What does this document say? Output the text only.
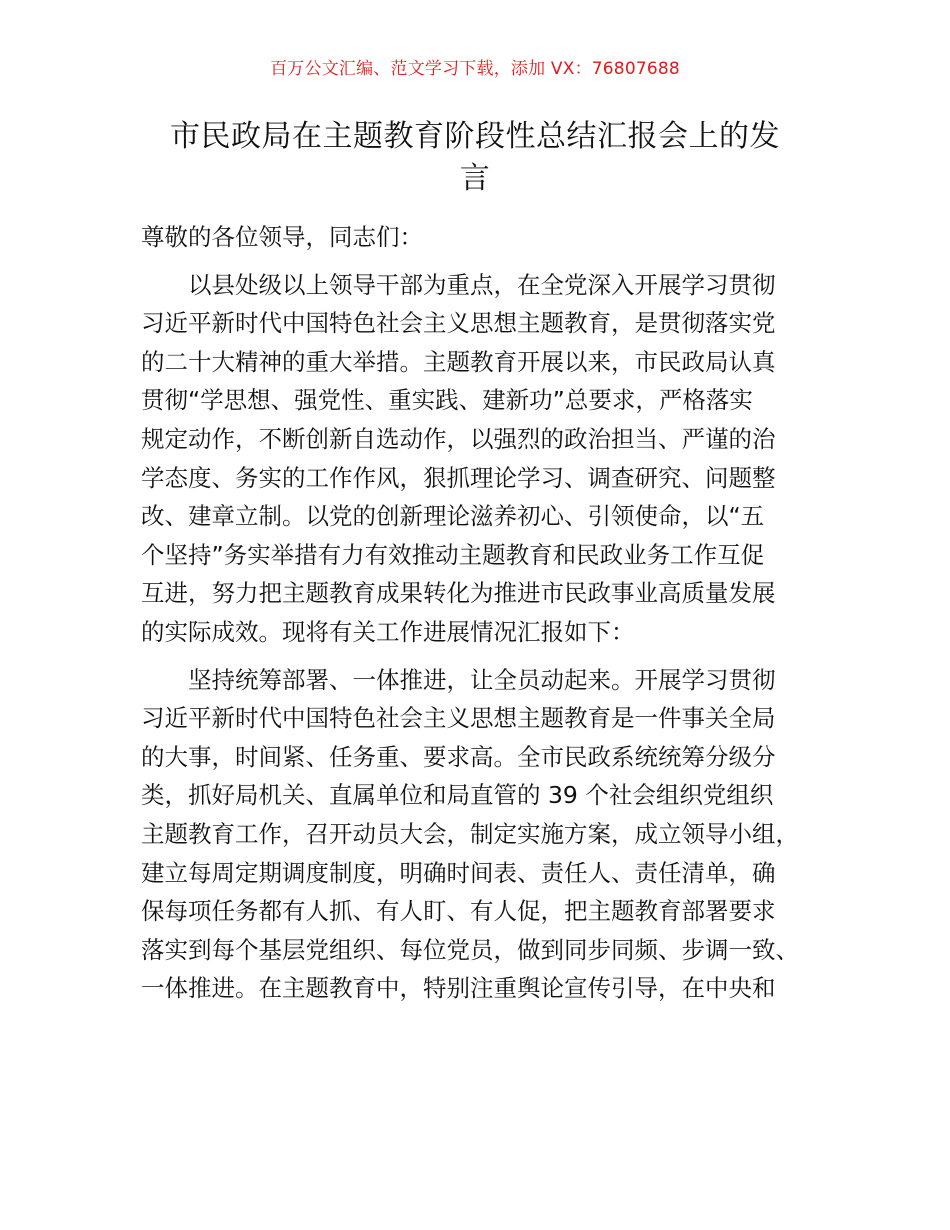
百万公文汇编、范文学习下载，添加 VX：76807688
市民政局在主题教育阶段性总结汇报会上的发
言
尊敬的各位领导，同志们：
以县处级以上领导干部为重点，在全党深入开展学习贯彻
习近平新时代中国特色社会主义思想主题教育，是贯彻落实党
的二十大精神的重大举措。主题教育开展以来，市民政局认真
贯彻“学思想、强党性、重实践、建新功”总要求，严格落实
规定动作，不断创新自选动作，以强烈的政治担当、严谨的治
学态度、务实的工作作风，狠抓理论学习、调查研究、问题整
改、建章立制。以党的创新理论滋养初心、引领使命，以“五
个坚持”务实举措有力有效推动主题教育和民政业务工作互促
互进，努力把主题教育成果转化为推进市民政事业高质量发展
的实际成效。现将有关工作进展情况汇报如下：
坚持统筹部署、一体推进，让全员动起来。开展学习贯彻
习近平新时代中国特色社会主义思想主题教育是一件事关全局
的大事，时间紧、任务重、要求高。全市民政系统统筹分级分
类，抓好局机关、直属单位和局直管的 39 个社会组织党组织
主题教育工作，召开动员大会，制定实施方案，成立领导小组，
建立每周定期调度制度，明确时间表、责任人、责任清单，确
保每项任务都有人抓、有人盯、有人促，把主题教育部署要求
落实到每个基层党组织、每位党员，做到同步同频、步调一致、
一体推进。在主题教育中，特别注重舆论宣传引导，在中央和
